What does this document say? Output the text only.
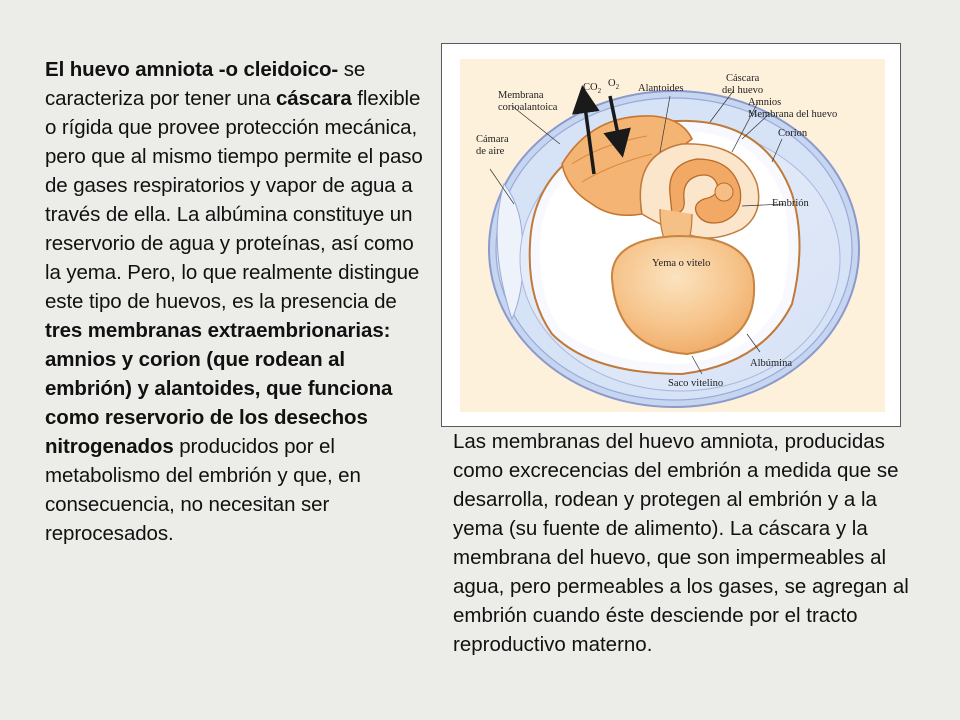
El huevo amniota -o cleidoico- se caracteriza por tener una cáscara flexible o rígida que provee protección mecánica, pero que al mismo tiempo permite el paso de gases respiratorios y vapor de agua a través de ella. La albúmina constituye un reservorio de agua y proteínas, así como la yema. Pero, lo que realmente distingue este tipo de huevos, es la presencia de tres membranas extraembrionarias: amnios y corion (que rodean al embrión) y alantoides, que funciona como reservorio de los desechos nitrogenados producidos por el metabolismo del embrión y que, en consecuencia, no necesitan ser reprocesados.
$CO_2$
$O_2$ Alantoides
Cáscara
del huevo
Amnios
Membrana del huevo
Corion
Membrana
corioalantoica
Cámara
de aire
Embrión
Yema o vitelo
Albúmina
Saco vitelino
Las membranas del huevo amniota, producidas como excrecencias del embrión a medida que se desarrolla, rodean y protegen al embrión y a la yema (su fuente de alimento). La cáscara y la membrana del huevo, que son impermeables al agua, pero permeables a los gases, se agregan al embrión cuando éste desciende por el tracto reproductivo materno.
